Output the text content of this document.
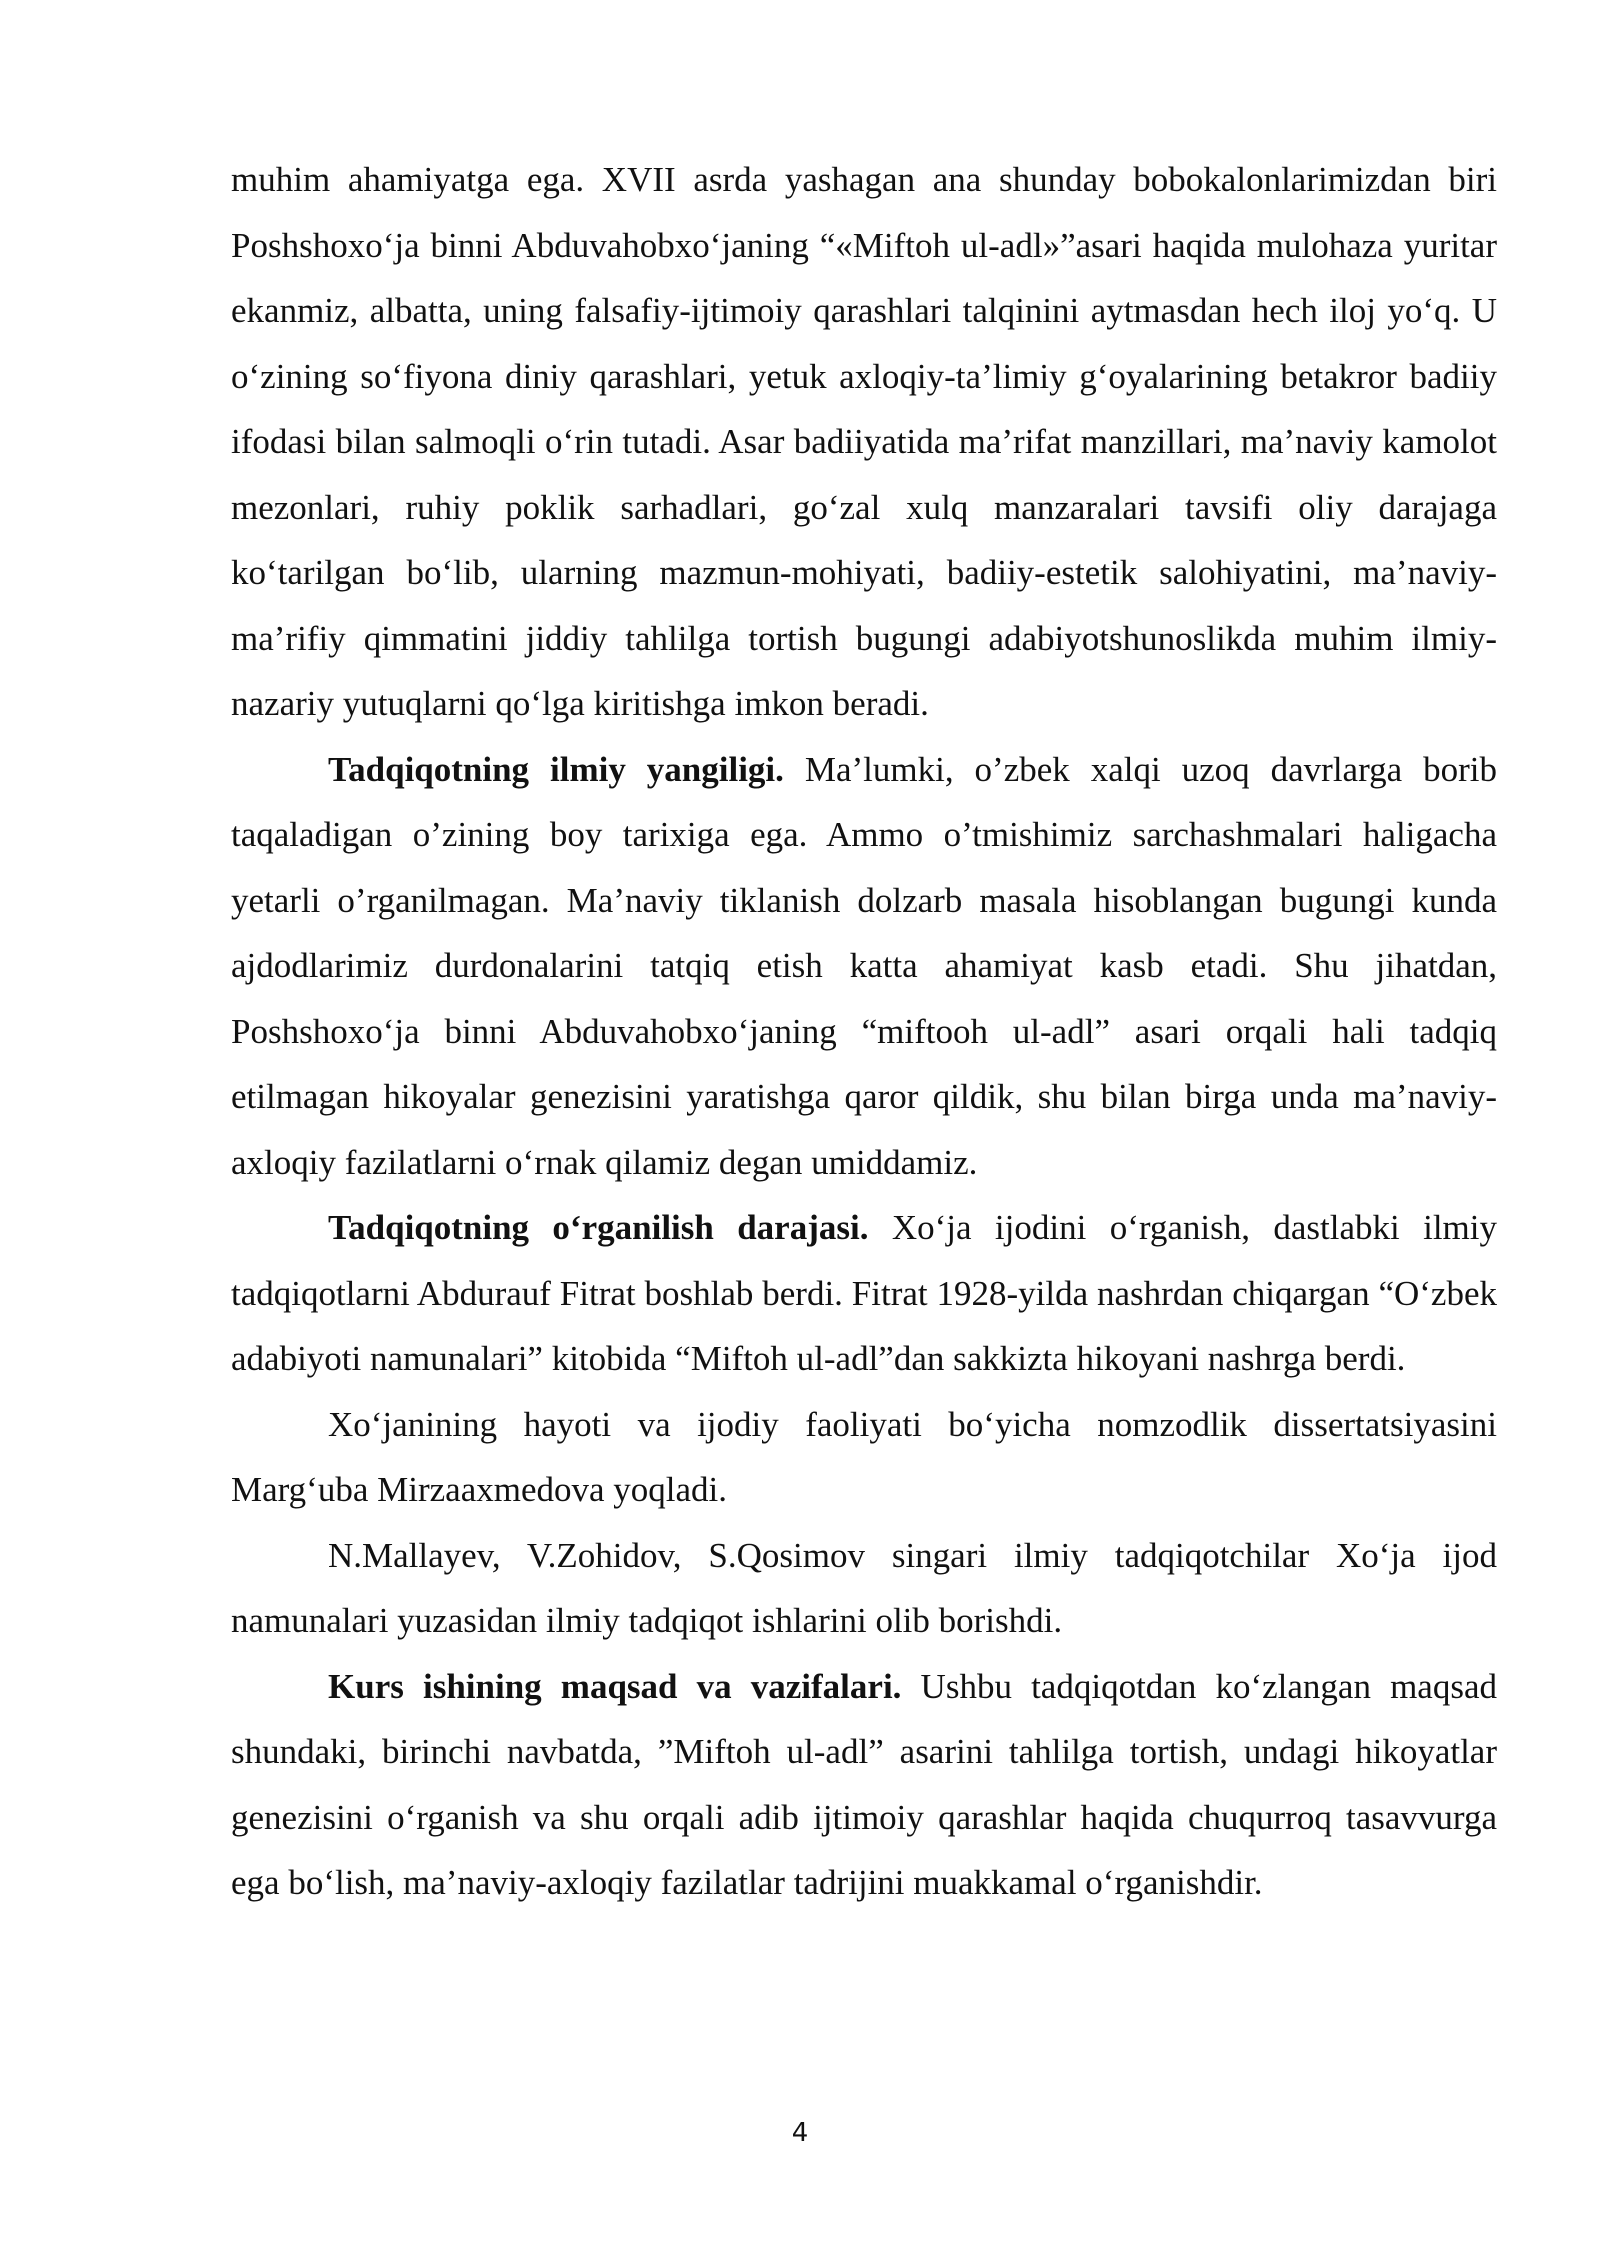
muhim ahamiyatga ega. XVII asrda yashagan ana shunday bobokalonlarimizdan biri Poshshoxo‘ja binni Abduvahobxo‘janing “«Miftoh ul-adl»”asari haqida mulohaza yuritar ekanmiz, albatta, uning falsafiy-ijtimoiy qarashlari talqinini aytmasdan hech iloj yo‘q. U o‘zining so‘fiyona diniy qarashlari, yetuk axloqiy-ta’limiy g‘oyalarining betakror badiiy ifodasi bilan salmoqli o‘rin tutadi. Asar badiiyatida ma’rifat manzillari, ma’naviy kamolot mezonlari, ruhiy poklik sarhadlari, go‘zal xulq manzaralari tavsifi oliy darajaga ko‘tarilgan bo‘lib, ularning mazmun-mohiyati, badiiy-estetik salohiyatini, ma’naviy-ma’rifiy qimmatini jiddiy tahlilga tortish bugungi adabiyotshunoslikda muhim ilmiy-nazariy yutuqlarni qo‘lga kiritishga imkon beradi.

Tadqiqotning ilmiy yangiligi. Ma’lumki, o’zbek xalqi uzoq davrlarga borib taqaladigan o’zining boy tarixiga ega. Ammo o’tmishimiz sarchashmalari haligacha yetarli o’rganilmagan. Ma’naviy tiklanish dolzarb masala hisoblangan bugungi kunda ajdodlarimiz durdonalarini tatqiq etish katta ahamiyat kasb etadi. Shu jihatdan, Poshshoxo‘ja binni Abduvahobxo‘janing “miftooh ul-adl” asari orqali hali tadqiq etilmagan hikoyalar genezisini yaratishga qaror qildik, shu bilan birga unda ma’naviy-axloqiy fazilatlarni o‘rnak qilamiz degan umiddamiz.

Tadqiqotning o‘rganilish darajasi. Xo‘ja ijodini o‘rganish, dastlabki ilmiy tadqiqotlarni Abdurauf Fitrat boshlab berdi. Fitrat 1928-yilda nashrdan chiqargan “O‘zbek adabiyoti namunalari” kitobida “Miftoh ul-adl”dan sakkizta hikoyani nashrga berdi.

Xo‘janining hayoti va ijodiy faoliyati bo‘yicha nomzodlik dissertatsiyasini Marg‘uba Mirzaaxmedova yoqladi.

N.Mallayev, V.Zohidov, S.Qosimov singari ilmiy tadqiqotchilar Xo‘ja ijod namunalari yuzasidan ilmiy tadqiqot ishlarini olib borishdi.

Kurs ishining maqsad va vazifalari. Ushbu tadqiqotdan ko‘zlangan maqsad shundaki, birinchi navbatda, ”Miftoh ul-adl” asarini tahlilga tortish, undagi hikoyatlar genezisini o‘rganish va shu orqali adib ijtimoiy qarashlar haqida chuqurroq tasavvurga ega bo‘lish, ma’naviy-axloqiy fazilatlar tadrijini muakkamal o‘rganishdir.

4
